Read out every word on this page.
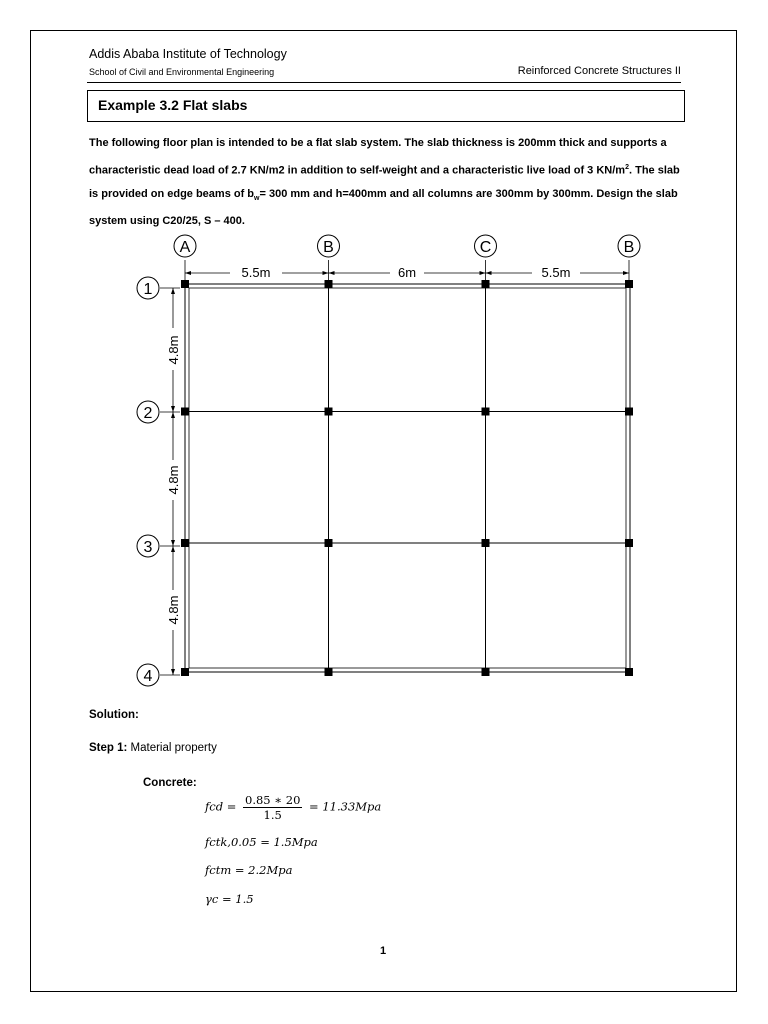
Addis Ababa Institute of Technology
School of Civil and Environmental Engineering	Reinforced Concrete Structures II
Example 3.2 Flat slabs

The following floor plan is intended to be a flat slab system. The slab thickness is 200mm thick and supports a characteristic dead load of 2.7 KN/m2 in addition to self-weight and a characteristic live load of 3 $KN/m^2$. The slab is provided on edge beams of $b_w= 300$ mm and h=400mm and all columns are 300mm by 300mm. Design the slab system using C20/25, S – 400.

A	B	C	B
1
2
3
4
5.5m	6m	5.5m
4.8m
4.8m
4.8m
Solution:
Step 1: Material property
Concrete:
fcd = $\frac{0.85 ∗ 20}{1.5} = 11.33Mpa$
fctk,0.05 = 1.5Mpa
fctm = 2.2Mpa
γc = 1.5
1
